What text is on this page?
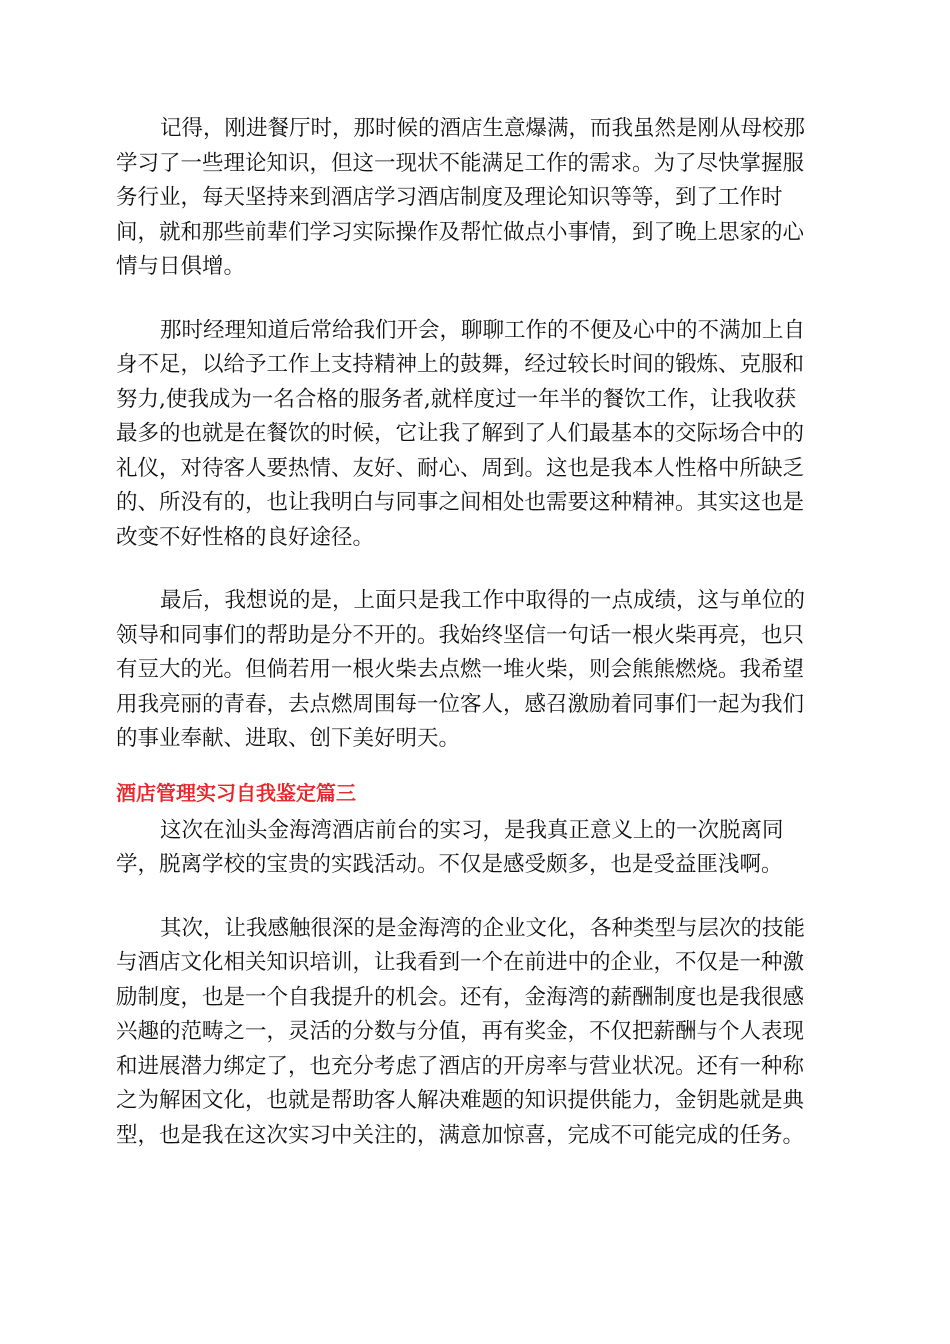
记得，刚进餐厅时，那时候的酒店生意爆满，而我虽然是刚从母校那
学习了一些理论知识，但这一现状不能满足工作的需求。为了尽快掌握服
务行业，每天坚持来到酒店学习酒店制度及理论知识等等，到了工作时
间，就和那些前辈们学习实际操作及帮忙做点小事情，到了晚上思家的心
情与日俱增。

那时经理知道后常给我们开会，聊聊工作的不便及心中的不满加上自
身不足，以给予工作上支持精神上的鼓舞，经过较长时间的锻炼、克服和
努力,使我成为一名合格的服务者,就样度过一年半的餐饮工作，让我收获
最多的也就是在餐饮的时候，它让我了解到了人们最基本的交际场合中的
礼仪，对待客人要热情、友好、耐心、周到。这也是我本人性格中所缺乏
的、所没有的，也让我明白与同事之间相处也需要这种精神。其实这也是
改变不好性格的良好途径。

最后，我想说的是，上面只是我工作中取得的一点成绩，这与单位的
领导和同事们的帮助是分不开的。我始终坚信一句话一根火柴再亮，也只
有豆大的光。但倘若用一根火柴去点燃一堆火柴，则会熊熊燃烧。我希望
用我亮丽的青春，去点燃周围每一位客人，感召激励着同事们一起为我们
的事业奉献、进取、创下美好明天。

酒店管理实习自我鉴定篇三

这次在汕头金海湾酒店前台的实习，是我真正意义上的一次脱离同
学，脱离学校的宝贵的实践活动。不仅是感受颇多，也是受益匪浅啊。

其次，让我感触很深的是金海湾的企业文化，各种类型与层次的技能
与酒店文化相关知识培训，让我看到一个在前进中的企业，不仅是一种激
励制度，也是一个自我提升的机会。还有，金海湾的薪酬制度也是我很感
兴趣的范畴之一，灵活的分数与分值，再有奖金，不仅把薪酬与个人表现
和进展潜力绑定了，也充分考虑了酒店的开房率与营业状况。还有一种称
之为解困文化，也就是帮助客人解决难题的知识提供能力，金钥匙就是典
型，也是我在这次实习中关注的，满意加惊喜，完成不可能完成的任务。
